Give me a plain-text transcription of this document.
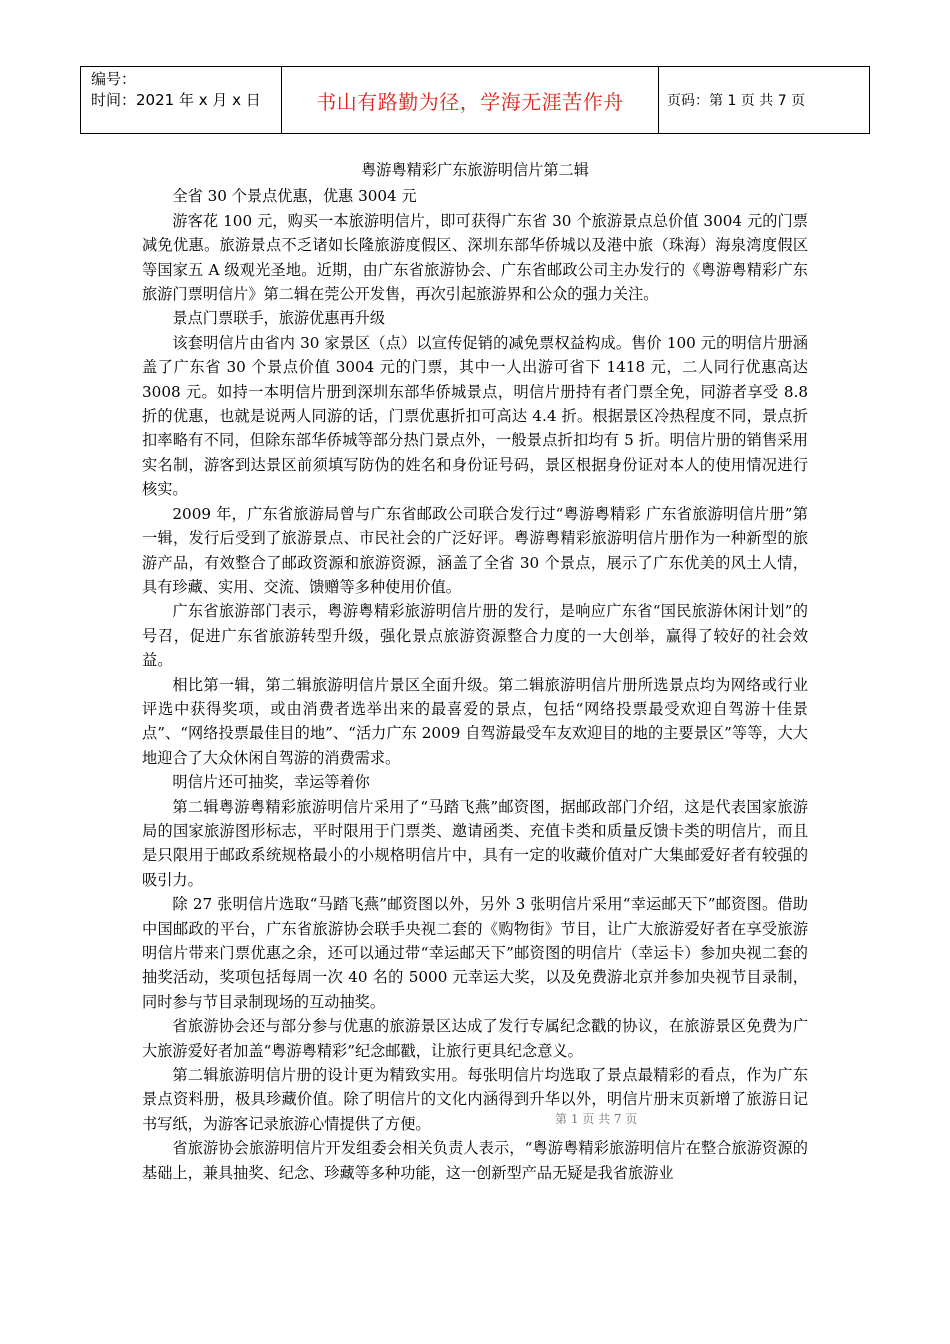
编号：
时间：2021 年 x 月 x 日	书山有路勤为径，学海无涯苦作舟	页码：第 1 页 共 7 页
粤游粤精彩广东旅游明信片第二辑

全省 30 个景点优惠，优惠 3004 元

游客花 100 元，购买一本旅游明信片，即可获得广东省 30 个旅游景点总价值 3004 元的门票减免优惠。旅游景点不乏诸如长隆旅游度假区、深圳东部华侨城以及港中旅（珠海）海泉湾度假区等国家五 A 级观光圣地。近期，由广东省旅游协会、广东省邮政公司主办发行的《粤游粤精彩广东旅游门票明信片》第二辑在莞公开发售，再次引起旅游界和公众的强力关注。

景点门票联手，旅游优惠再升级

该套明信片由省内 30 家景区（点）以宣传促销的减免票权益构成。售价 100 元的明信片册涵盖了广东省 30 个景点价值 3004 元的门票，其中一人出游可省下 1418 元，二人同行优惠高达 3008 元。如持一本明信片册到深圳东部华侨城景点，明信片册持有者门票全免，同游者享受 8.8 折的优惠，也就是说两人同游的话，门票优惠折扣可高达 4.4 折。根据景区冷热程度不同，景点折扣率略有不同，但除东部华侨城等部分热门景点外，一般景点折扣均有 5 折。明信片册的销售采用实名制，游客到达景区前须填写防伪的姓名和身份证号码，景区根据身份证对本人的使用情况进行核实。

2009 年，广东省旅游局曾与广东省邮政公司联合发行过“粤游粤精彩 广东省旅游明信片册”第一辑，发行后受到了旅游景点、市民社会的广泛好评。粤游粤精彩旅游明信片册作为一种新型的旅游产品，有效整合了邮政资源和旅游资源，涵盖了全省 30 个景点，展示了广东优美的风土人情，具有珍藏、实用、交流、馈赠等多种使用价值。

广东省旅游部门表示，粤游粤精彩旅游明信片册的发行，是响应广东省“国民旅游休闲计划”的号召，促进广东省旅游转型升级，强化景点旅游资源整合力度的一大创举，赢得了较好的社会效益。

相比第一辑，第二辑旅游明信片景区全面升级。第二辑旅游明信片册所选景点均为网络或行业评选中获得奖项，或由消费者选举出来的最喜爱的景点，包括“网络投票最受欢迎自驾游十佳景点”、“网络投票最佳目的地”、“活力广东 2009 自驾游最受车友欢迎目的地的主要景区”等等，大大地迎合了大众休闲自驾游的消费需求。

明信片还可抽奖，幸运等着你

第二辑粤游粤精彩旅游明信片采用了“马踏飞燕”邮资图，据邮政部门介绍，这是代表国家旅游局的国家旅游图形标志，平时限用于门票类、邀请函类、充值卡类和质量反馈卡类的明信片，而且是只限用于邮政系统规格最小的小规格明信片中，具有一定的收藏价值对广大集邮爱好者有较强的吸引力。

除 27 张明信片选取“马踏飞燕”邮资图以外，另外 3 张明信片采用“幸运邮天下”邮资图。借助中国邮政的平台，广东省旅游协会联手央视二套的《购物街》节目，让广大旅游爱好者在享受旅游明信片带来门票优惠之余，还可以通过带“幸运邮天下”邮资图的明信片（幸运卡）参加央视二套的抽奖活动，奖项包括每周一次 40 名的 5000 元幸运大奖，以及免费游北京并参加央视节目录制，同时参与节目录制现场的互动抽奖。

省旅游协会还与部分参与优惠的旅游景区达成了发行专属纪念戳的协议，在旅游景区免费为广大旅游爱好者加盖“粤游粤精彩”纪念邮戳，让旅行更具纪念意义。

第二辑旅游明信片册的设计更为精致实用。每张明信片均选取了景点最精彩的看点，作为广东景点资料册，极具珍藏价值。除了明信片的文化内涵得到升华以外，明信片册末页新增了旅游日记书写纸，为游客记录旅游心情提供了方便。

省旅游协会旅游明信片开发组委会相关负责人表示，“粤游粤精彩旅游明信片在整合旅游资源的基础上，兼具抽奖、纪念、珍藏等多种功能，这一创新型产品无疑是我省旅游业

第 1 页 共 7 页
